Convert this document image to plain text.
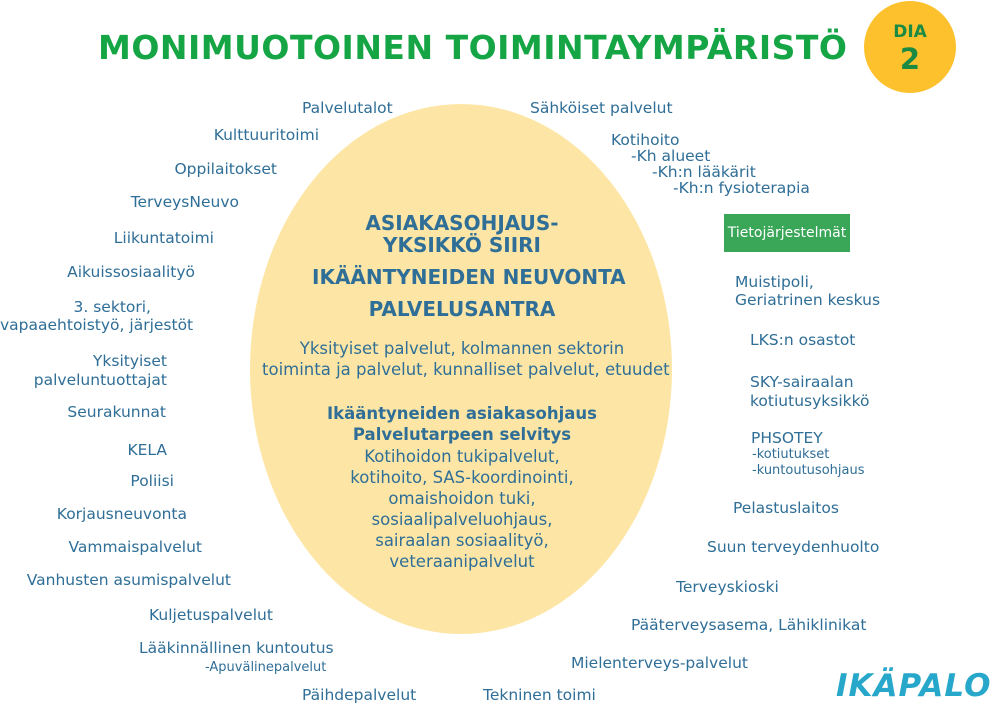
MONIMUOTOINEN TOIMINTAYMPÄRISTÖ	DIA
2
ASIAKASOHJAUS-
YKSIKKÖ SIIRI
IKÄÄNTYNEIDEN NEUVONTA
PALVELUSANTRA
Yksityiset palvelut, kolmannen sektorin
toiminta ja palvelut, kunnalliset palvelut, etuudet
Ikääntyneiden asiakasohjaus
Palvelutarpeen selvitys
Kotihoidon tukipalvelut,
kotihoito, SAS-koordinointi,
omaishoidon tuki,
sosiaalipalveluohjaus,
sairaalan sosiaalityö,
veteraanipalvelut
Palvelutalot
Kulttuuritoimi
Oppilaitokset
TerveysNeuvo
Liikuntatoimi
Aikuissosiaalityö
3. sektori,
vapaaehtoistyö, järjestöt
Yksityiset
palveluntuottajat
Seurakunnat
KELA
Poliisi
Korjausneuvonta
Vammaispalvelut
Vanhusten asumispalvelut
Kuljetuspalvelut
Lääkinnällinen kuntoutus
-Apuvälinepalvelut
Päihdepalvelut
Sähköiset palvelut
Kotihoito
-Kh alueet
-Kh:n lääkärit
-Kh:n fysioterapia
Tietojärjestelmät
Muistipoli,
Geriatrinen keskus
LKS:n osastot
SKY-sairaalan
kotiutusyksikkö
PHSOTEY
-kotiutukset
-kuntoutusohjaus
Pelastuslaitos
Suun terveydenhuolto
Terveyskioski
Pääterveysasema, Lähiklinikat
Mielenterveys-palvelut
Tekninen toimi	IKÄPALO
